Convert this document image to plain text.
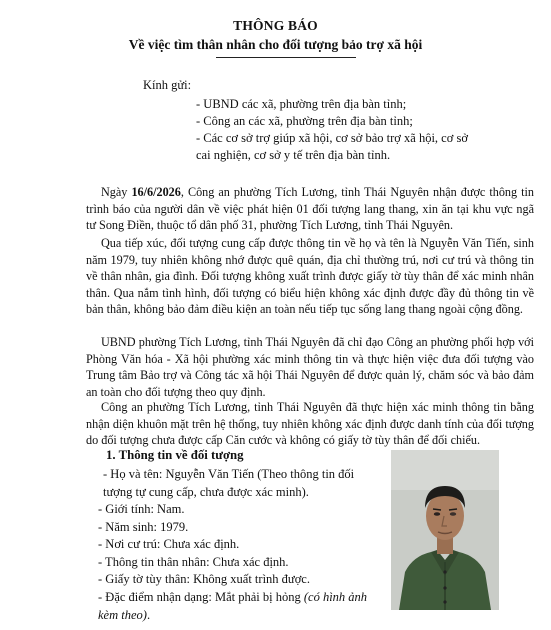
THÔNG BÁO
Về việc tìm thân nhân cho đối tượng bảo trợ xã hội
Kính gửi:
- UBND các xã, phường trên địa bàn tỉnh;
- Công an các xã, phường trên địa bàn tỉnh;
- Các cơ sở trợ giúp xã hội, cơ sở bảo trợ xã hội, cơ sở
cai nghiện, cơ sở y tế trên địa bàn tỉnh.

Ngày 16/6/2026, Công an phường Tích Lương, tỉnh Thái Nguyên nhận được thông tin trình báo của người dân về việc phát hiện 01 đối tượng lang thang, xin ăn tại khu vực ngã tư Song Điền, thuộc tổ dân phố 31, phường Tích Lương, tỉnh Thái Nguyên.

Qua tiếp xúc, đối tượng cung cấp được thông tin về họ và tên là Nguyễn Văn Tiến, sinh năm 1979, tuy nhiên không nhớ được quê quán, địa chỉ thường trú, nơi cư trú và thông tin về thân nhân, gia đình. Đối tượng không xuất trình được giấy tờ tùy thân để xác minh nhân thân. Qua nắm tình hình, đối tượng có biểu hiện không xác định được đầy đủ thông tin về bản thân, không bảo đảm điều kiện an toàn nếu tiếp tục sống lang thang ngoài cộng đồng.

UBND phường Tích Lương, tỉnh Thái Nguyên đã chỉ đạo Công an phường phối hợp với Phòng Văn hóa - Xã hội phường xác minh thông tin và thực hiện việc đưa đối tượng vào Trung tâm Bảo trợ và Công tác xã hội Thái Nguyên để được quản lý, chăm sóc và bảo đảm an toàn cho đối tượng theo quy định.

Công an phường Tích Lương, tỉnh Thái Nguyên đã thực hiện xác minh thông tin bằng nhận diện khuôn mặt trên hệ thống, tuy nhiên không xác định được danh tính của đối tượng do đối tượng chưa được cấp Căn cước và không có giấy tờ tùy thân để đối chiếu.

1. Thông tin về đối tượng
- Họ và tên: Nguyễn Văn Tiến (Theo thông tin đối tượng tự cung cấp, chưa được xác minh).
- Giới tính: Nam.
- Năm sinh: 1979.
- Nơi cư trú: Chưa xác định.
- Thông tin thân nhân: Chưa xác định.
- Giấy tờ tùy thân: Không xuất trình được.
- Đặc điểm nhận dạng: Mắt phải bị hỏng (có hình ảnh kèm theo).
